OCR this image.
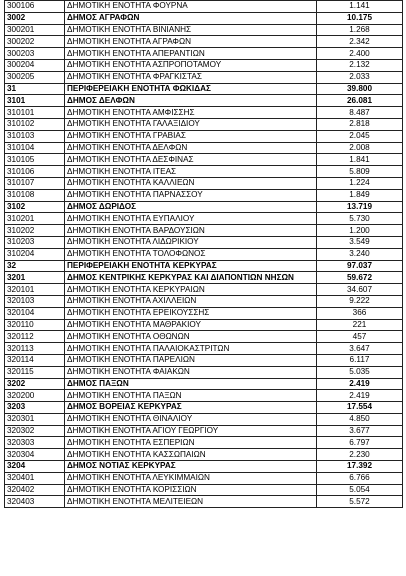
300106	ΔΗΜΟΤΙΚΗ ΕΝΟΤΗΤΑ ΦΟΥΡΝΑ	1.141
3002	ΔΗΜΟΣ ΑΓΡΑΦΩΝ	10.175
300201	ΔΗΜΟΤΙΚΗ ΕΝΟΤΗΤΑ ΒΙΝΙΑΝΗΣ	1.268
300202	ΔΗΜΟΤΙΚΗ ΕΝΟΤΗΤΑ ΑΓΡΑΦΩΝ	2.342
300203	ΔΗΜΟΤΙΚΗ ΕΝΟΤΗΤΑ ΑΠΕΡΑΝΤΙΩΝ	2.400
300204	ΔΗΜΟΤΙΚΗ ΕΝΟΤΗΤΑ ΑΣΠΡΟΠΟΤΑΜΟΥ	2.132
300205	ΔΗΜΟΤΙΚΗ ΕΝΟΤΗΤΑ ΦΡΑΓΚΙΣΤΑΣ	2.033
31	ΠΕΡΙΦΕΡΕΙΑΚΗ ΕΝΟΤΗΤΑ ΦΩΚΙΔΑΣ	39.800
3101	ΔΗΜΟΣ ΔΕΛΦΩΝ	26.081
310101	ΔΗΜΟΤΙΚΗ ΕΝΟΤΗΤΑ ΑΜΦΙΣΣΗΣ	8.487
310102	ΔΗΜΟΤΙΚΗ ΕΝΟΤΗΤΑ ΓΑΛΑΞΙΔΙΟΥ	2.818
310103	ΔΗΜΟΤΙΚΗ ΕΝΟΤΗΤΑ ΓΡΑΒΙΑΣ	2.045
310104	ΔΗΜΟΤΙΚΗ ΕΝΟΤΗΤΑ ΔΕΛΦΩΝ	2.008
310105	ΔΗΜΟΤΙΚΗ ΕΝΟΤΗΤΑ ΔΕΣΦΙΝΑΣ	1.841
310106	ΔΗΜΟΤΙΚΗ ΕΝΟΤΗΤΑ ΙΤΕΑΣ	5.809
310107	ΔΗΜΟΤΙΚΗ ΕΝΟΤΗΤΑ ΚΑΛΛΙΕΩΝ	1.224
310108	ΔΗΜΟΤΙΚΗ ΕΝΟΤΗΤΑ ΠΑΡΝΑΣΣΟΥ	1.849
3102	ΔΗΜΟΣ ΔΩΡΙΔΟΣ	13.719
310201	ΔΗΜΟΤΙΚΗ ΕΝΟΤΗΤΑ ΕΥΠΑΛΙΟΥ	5.730
310202	ΔΗΜΟΤΙΚΗ ΕΝΟΤΗΤΑ ΒΑΡΔΟΥΣΙΩΝ	1.200
310203	ΔΗΜΟΤΙΚΗ ΕΝΟΤΗΤΑ ΛΙΔΩΡΙΚΙΟΥ	3.549
310204	ΔΗΜΟΤΙΚΗ ΕΝΟΤΗΤΑ ΤΟΛΟΦΩΝΟΣ	3.240
32	ΠΕΡΙΦΕΡΕΙΑΚΗ ΕΝΟΤΗΤΑ ΚΕΡΚΥΡΑΣ	97.037
3201	ΔΗΜΟΣ ΚΕΝΤΡΙΚΗΣ ΚΕΡΚΥΡΑΣ ΚΑΙ ΔΙΑΠΟΝΤΙΩΝ ΝΗΣΩΝ	59.672
320101	ΔΗΜΟΤΙΚΗ ΕΝΟΤΗΤΑ ΚΕΡΚΥΡΑΙΩΝ	34.607
320103	ΔΗΜΟΤΙΚΗ ΕΝΟΤΗΤΑ ΑΧΙΛΛΕΙΩΝ	9.222
320104	ΔΗΜΟΤΙΚΗ ΕΝΟΤΗΤΑ ΕΡΕΙΚΟΥΣΣΗΣ	366
320110	ΔΗΜΟΤΙΚΗ ΕΝΟΤΗΤΑ ΜΑΘΡΑΚΙΟΥ	221
320112	ΔΗΜΟΤΙΚΗ ΕΝΟΤΗΤΑ ΟΘΩΝΩΝ	457
320113	ΔΗΜΟΤΙΚΗ ΕΝΟΤΗΤΑ ΠΑΛΑΙΟΚΑΣΤΡΙΤΩΝ	3.647
320114	ΔΗΜΟΤΙΚΗ ΕΝΟΤΗΤΑ ΠΑΡΕΛΙΩΝ	6.117
320115	ΔΗΜΟΤΙΚΗ ΕΝΟΤΗΤΑ ΦΑΙΑΚΩΝ	5.035
3202	ΔΗΜΟΣ ΠΑΞΩΝ	2.419
320200	ΔΗΜΟΤΙΚΗ ΕΝΟΤΗΤΑ ΠΑΞΩΝ	2.419
3203	ΔΗΜΟΣ ΒΟΡΕΙΑΣ ΚΕΡΚΥΡΑΣ	17.554
320301	ΔΗΜΟΤΙΚΗ ΕΝΟΤΗΤΑ ΘΙΝΑΛΙΟΥ	4.850
320302	ΔΗΜΟΤΙΚΗ ΕΝΟΤΗΤΑ ΑΓΙΟΥ ΓΕΩΡΓΙΟΥ	3.677
320303	ΔΗΜΟΤΙΚΗ ΕΝΟΤΗΤΑ ΕΣΠΕΡΙΩΝ	6.797
320304	ΔΗΜΟΤΙΚΗ ΕΝΟΤΗΤΑ ΚΑΣΣΩΠΑΙΩΝ	2.230
3204	ΔΗΜΟΣ ΝΟΤΙΑΣ ΚΕΡΚΥΡΑΣ	17.392
320401	ΔΗΜΟΤΙΚΗ ΕΝΟΤΗΤΑ ΛΕΥΚΙΜΜΑΙΩΝ	6.766
320402	ΔΗΜΟΤΙΚΗ ΕΝΟΤΗΤΑ ΚΟΡΙΣΣΙΩΝ	5.054
320403	ΔΗΜΟΤΙΚΗ ΕΝΟΤΗΤΑ ΜΕΛΙΤΕΙΕΩΝ	5.572
